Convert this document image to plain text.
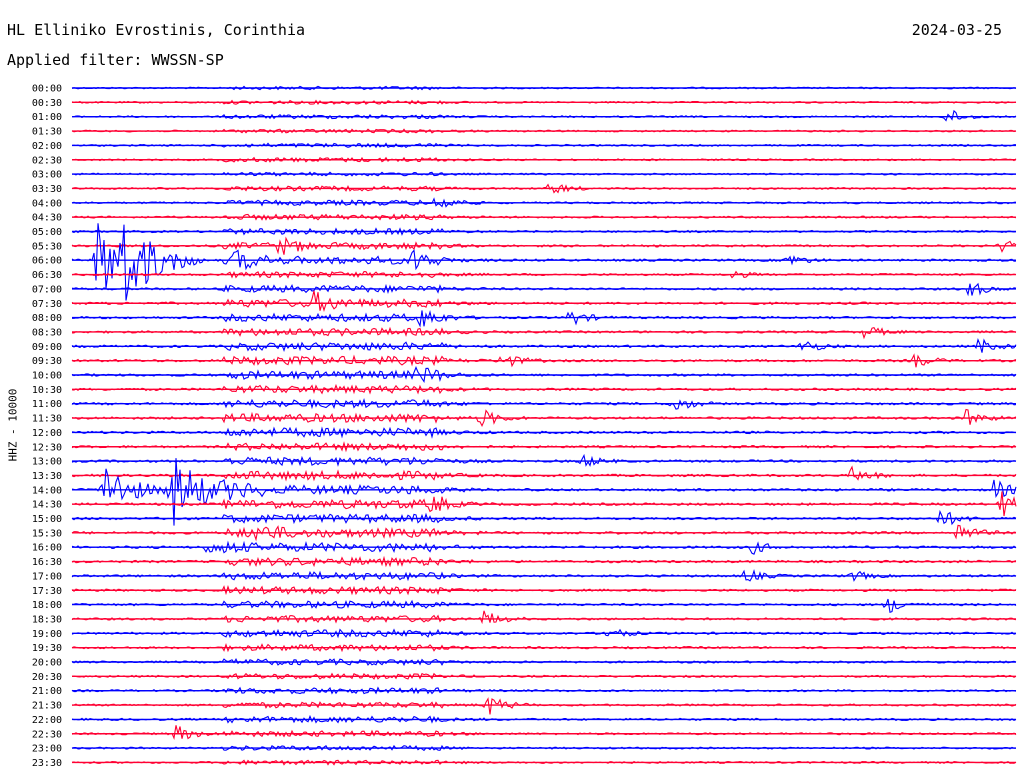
HL Elliniko Evrostinis, Corinthia	2024-03-25
Applied filter: WWSSN-SP
HHZ - 10000
00:00
00:30
01:00
01:30
02:00
02:30
03:00
03:30
04:00
04:30
05:00
05:30
06:00
06:30
07:00
07:30
08:00
08:30
09:00
09:30
10:00
10:30
11:00
11:30
12:00
12:30
13:00
13:30
14:00
14:30
15:00
15:30
16:00
16:30
17:00
17:30
18:00
18:30
19:00
19:30
20:00
20:30
21:00
21:30
22:00
22:30
23:00
23:30
